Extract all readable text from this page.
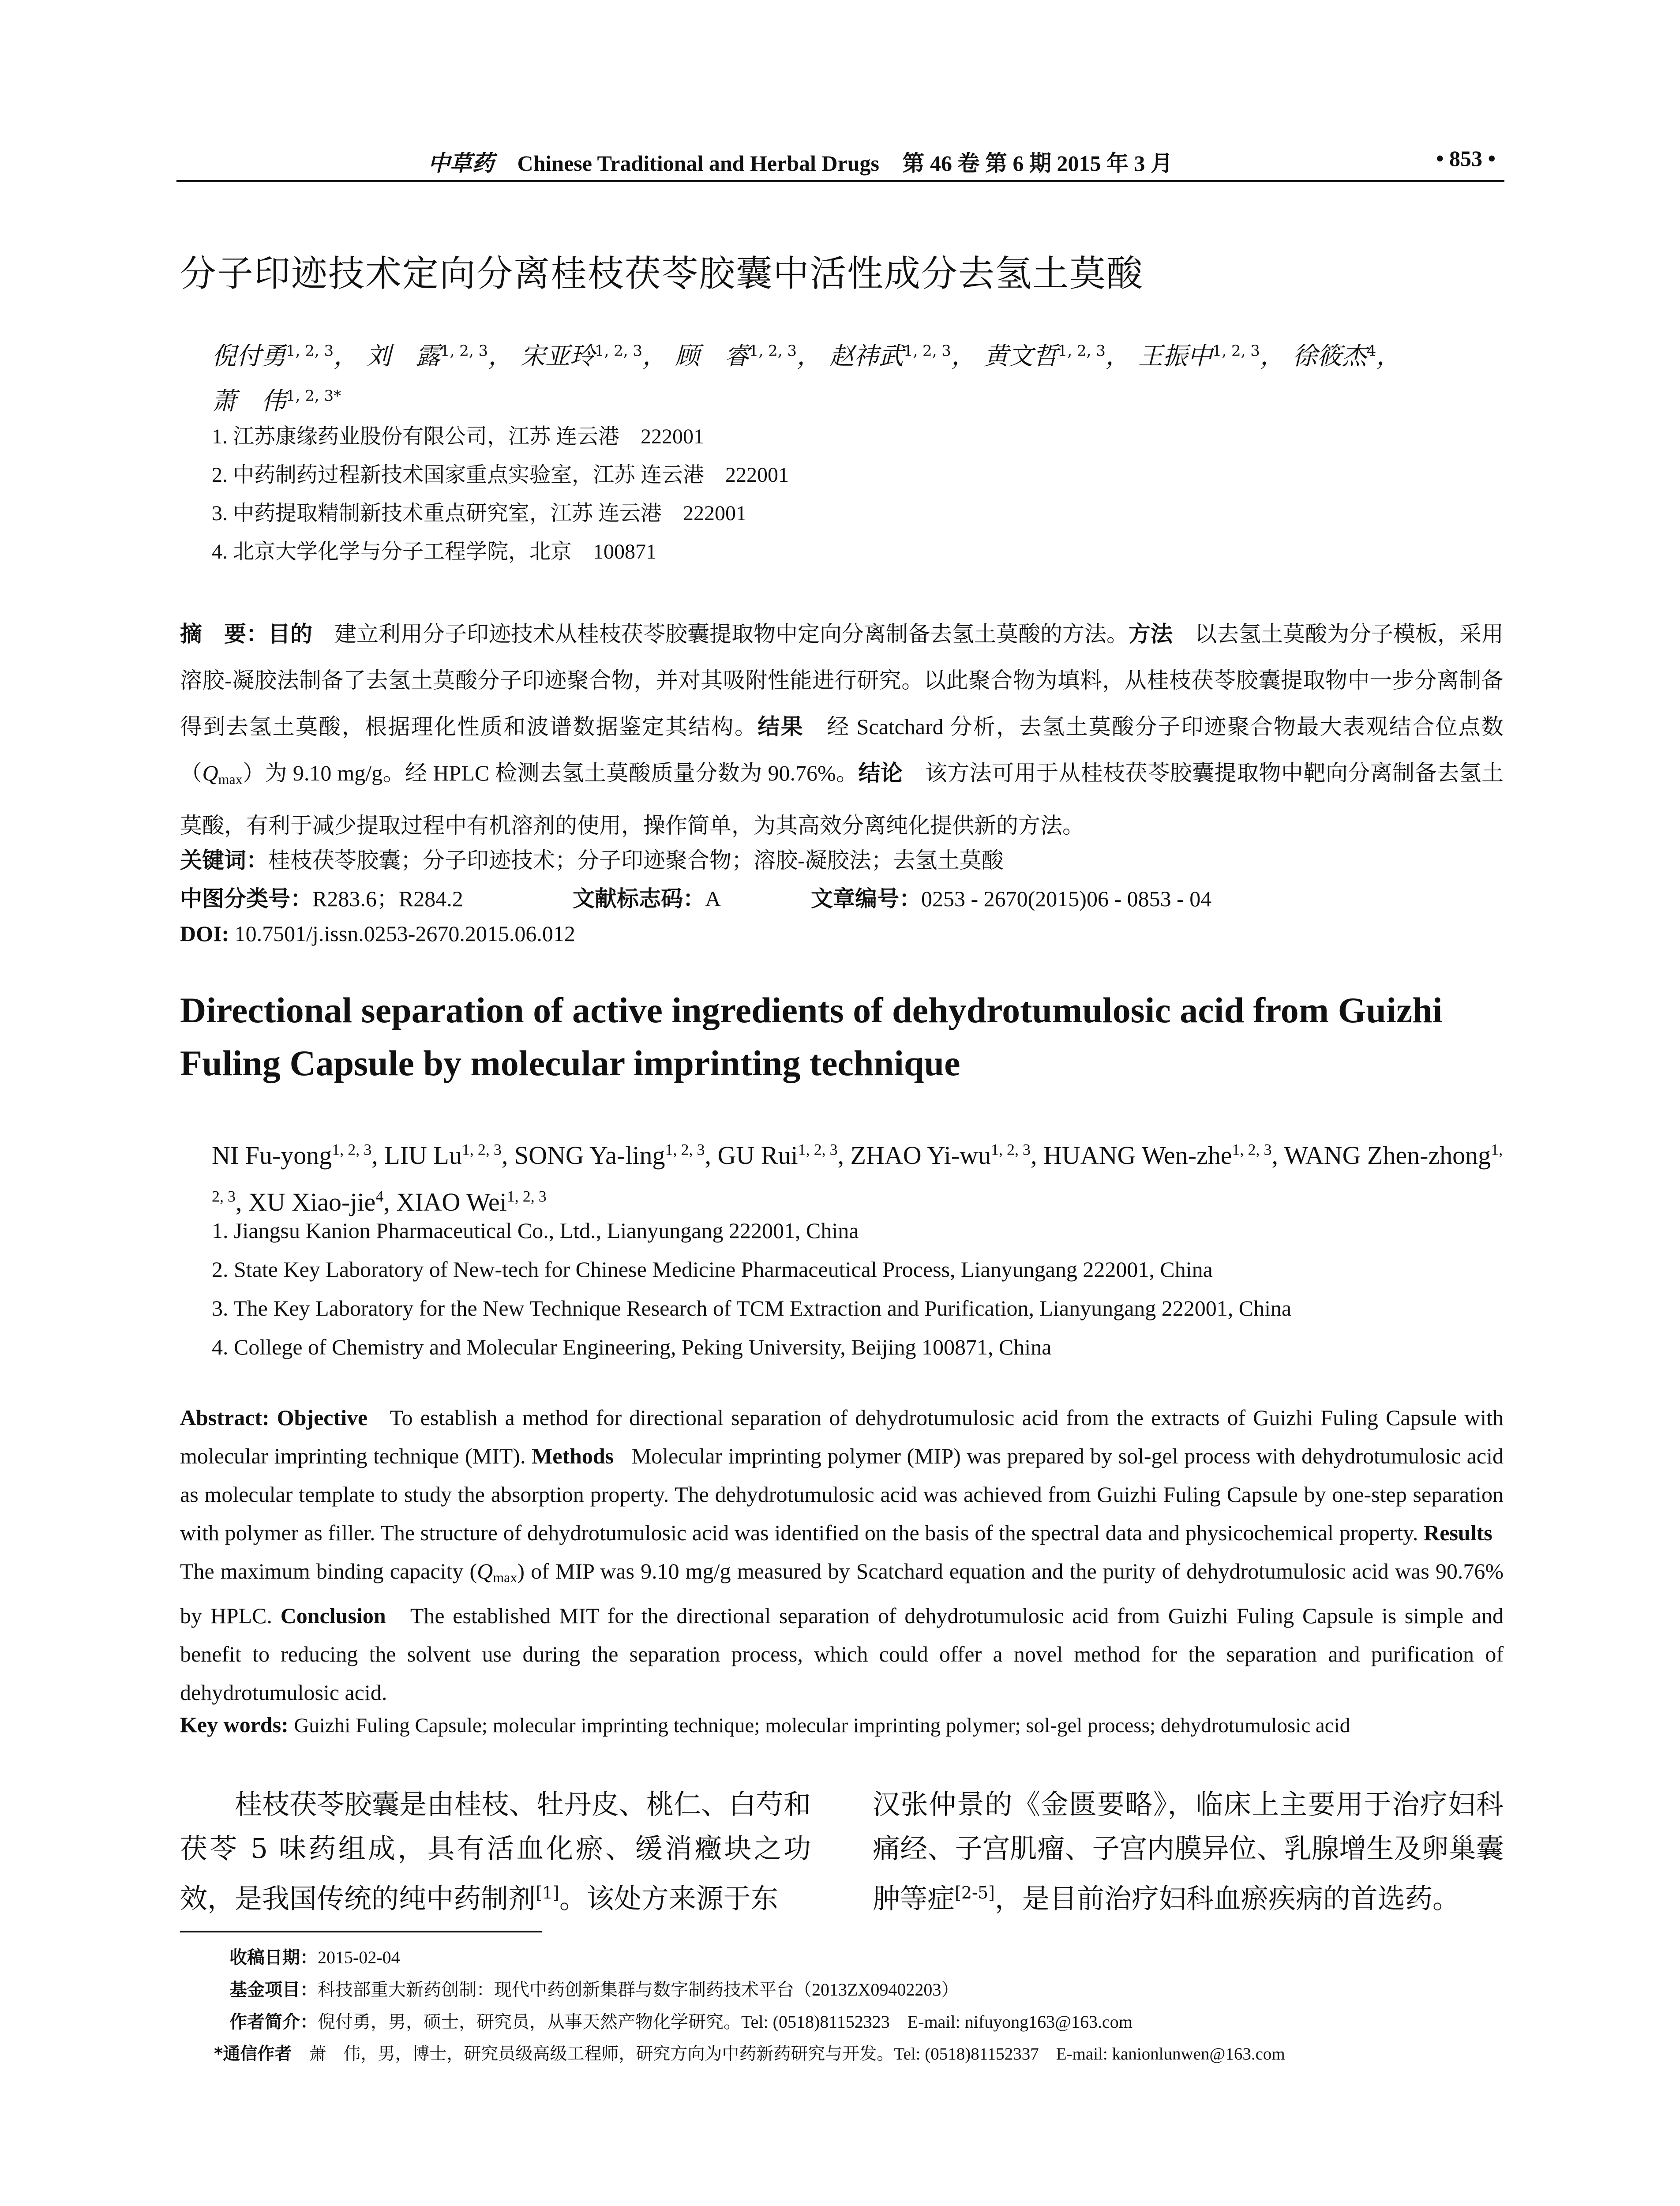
中草药 Chinese Traditional and Herbal Drugs 第 46 卷 第 6 期 2015 年 3 月	• 853 •
分子印迹技术定向分离桂枝茯苓胶囊中活性成分去氢土莫酸
倪付勇$^{1, 2, 3}$， 刘　露$^{1, 2, 3}$， 宋亚玲$^{1, 2, 3}$， 顾　睿$^{1, 2, 3}$， 赵祎武$^{1, 2, 3}$， 黄文哲$^{1, 2, 3}$， 王振中$^{1, 2, 3}$， 徐筱杰$^4$， 萧　伟$^{1, 2, 3*}$
1. 江苏康缘药业股份有限公司，江苏 连云港　222001
2. 中药制药过程新技术国家重点实验室，江苏 连云港　222001
3. 中药提取精制新技术重点研究室，江苏 连云港　222001
4. 北京大学化学与分子工程学院，北京　100871
摘　要：目的　 建立利用分子印迹技术从桂枝茯苓胶囊提取物中定向分离制备去氢土莫酸的方法。方法　 以去氢土莫酸为分子模板，采用溶胶-凝胶法制备了去氢土莫酸分子印迹聚合物，并对其吸附性能进行研究。以此聚合物为填料，从桂枝茯苓胶囊提取物中一步分离制备得到去氢土莫酸，根据理化性质和波谱数据鉴定其结构。结果　 经 Scatchard 分析，去氢土莫酸分子印迹聚合物最大表观结合位点数$(Q_{max})$为 9.10 mg/g。经 HPLC 检测去氢土莫酸质量分数为 90.76%。结论　 该方法可用于从桂枝茯苓胶囊提取物中靶向分离制备去氢土莫酸，有利于减少提取过程中有机溶剂的使用，操作简单，为其高效分离纯化提供新的方法。
关键词：桂枝茯苓胶囊；分子印迹技术；分子印迹聚合物；溶胶-凝胶法；去氢土莫酸
中图分类号：R283.6；R284.2	文献标志码：A	文章编号：0253 - 2670(2015)06 - 0853 - 04
DOI: 10.7501/j.issn.0253-2670.2015.06.012
Directional separation of active ingredients of dehydrotumulosic acid from Guizhi Fuling Capsule by molecular imprinting technique
NI Fu-yong$^{1, 2, 3}$, LIU Lu$^{1, 2, 3}$, SONG Ya-ling$^{1, 2, 3}$, GU Rui$^{1, 2, 3}$, ZHAO Yi-wu$^{1, 2, 3}$, HUANG Wen-zhe$^{1, 2, 3}$, WANG Zhen-zhong$^{1, 2, 3}$, XU Xiao-jie$^4$, XIAO Wei$^{1, 2, 3}$
1. Jiangsu Kanion Pharmaceutical Co., Ltd., Lianyungang 222001, China
2. State Key Laboratory of New-tech for Chinese Medicine Pharmaceutical Process, Lianyungang 222001, China
3. The Key Laboratory for the New Technique Research of TCM Extraction and Purification, Lianyungang 222001, China
4. College of Chemistry and Molecular Engineering, Peking University, Beijing 100871, China
Abstract: Objective To establish a method for directional separation of dehydrotumulosic acid from the extracts of Guizhi Fuling Capsule with molecular imprinting technique (MIT). Methods Molecular imprinting polymer (MIP) was prepared by sol-gel process with dehydrotumulosic acid as molecular template to study the absorption property. The dehydrotumulosic acid was achieved from Guizhi Fuling Capsule by one-step separation with polymer as filler. The structure of dehydrotumulosic acid was identified on the basis of the spectral data and physicochemical property. Results   The maximum binding capacity $(Q_{max})$ of MIP was 9.10 mg/g measured by Scatchard equation and the purity of dehydrotumulosic acid was 90.76% by HPLC. Conclusion The established MIT for the directional separation of dehydrotumulosic acid from Guizhi Fuling Capsule is simple and benefit to reducing the solvent use during the separation process, which could offer a novel method for the separation and purification of dehydrotumulosic acid.
Key words: Guizhi Fuling Capsule; molecular imprinting technique; molecular imprinting polymer; sol-gel process; dehydrotumulosic acid
桂枝茯苓胶囊是由桂枝、牡丹皮、桃仁、白芍和茯苓 5 味药组成，具有活血化瘀、缓消癥块之功效，是我国传统的纯中药制剂[1]。该处方来源于东
汉张仲景的《金匮要略》，临床上主要用于治疗妇科痛经、子宫肌瘤、子宫内膜异位、乳腺增生及卵巢囊肿等症[2-5]，是目前治疗妇科血瘀疾病的首选药。
收稿日期：2015-02-04
基金项目：科技部重大新药创制：现代中药创新集群与数字制药技术平台（2013ZX09402203）
作者简介：倪付勇，男，硕士，研究员，从事天然产物化学研究。Tel: (0518)81152323　E-mail: nifuyong163@163.com
*通信作者　萧　伟，男，博士，研究员级高级工程师，研究方向为中药新药研究与开发。Tel: (0518)81152337　E-mail: kanionlunwen@163.com
